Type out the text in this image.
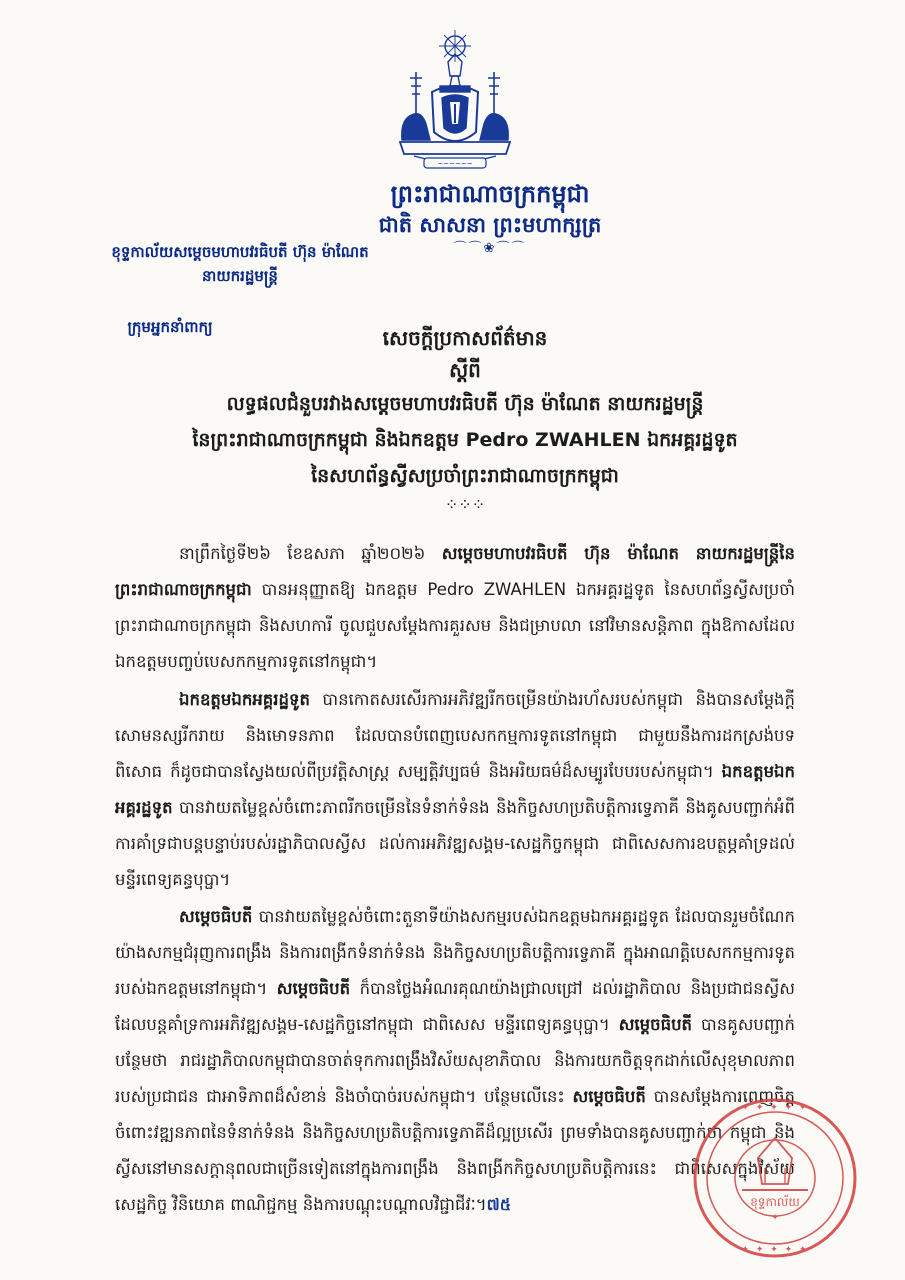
~~~~~~
ព្រះរាជាណាចក្រកម្ពុជា
ជាតិ សាសនា ព្រះមហាក្សត្រ
⌒⌒❀⌒⌒
ខុទ្ទកាល័យសម្ដេចមហាបវរធិបតី ហ៊ុន ម៉ាណែត
នាយករដ្ឋមន្ត្រី
ក្រុមអ្នកនាំពាក្យ	សេចក្ដីប្រកាសព័ត៌មាន
ស្ដីពី
លទ្ធផលជំនួបរវាងសម្ដេចមហាបវរធិបតី ហ៊ុន ម៉ាណែត នាយករដ្ឋមន្ត្រី
នៃព្រះរាជាណាចក្រកម្ពុជា និងឯកឧត្ដម Pedro ZWAHLEN ឯកអគ្គរដ្ឋទូត
នៃសហព័ន្ធស្វីសប្រចាំព្រះរាជាណាចក្រកម្ពុជា
⁘⁘⁘
នាព្រឹកថ្ងៃទី២៦ ខែឧសភា ឆ្នាំ២០២៦ សម្ដេចមហាបវរធិបតី ហ៊ុន ម៉ាណែត នាយករដ្ឋមន្ត្រីនៃព្រះរាជាណាចក្រកម្ពុជា បានអនុញ្ញាតឱ្យ ឯកឧត្ដម Pedro ZWAHLEN ឯកអគ្គរដ្ឋទូត នៃសហព័ន្ធស្វីសប្រចាំព្រះរាជាណាចក្រកម្ពុជា និងសហការី ចូលជួបសម្ដែងការគួរសម និងជម្រាបលា នៅវិមានសន្តិភាព ក្នុងឱកាសដែលឯកឧត្ដមបញ្ចប់បេសកកម្មការទូតនៅកម្ពុជា។
ឯកឧត្ដមឯកអគ្គរដ្ឋទូត បានកោតសរសើរការអភិវឌ្ឍរីកចម្រើនយ៉ាងរហ័សរបស់កម្ពុជា និងបានសម្ដែងក្ដីសោមនស្សរីករាយ និងមោទនភាព ដែលបានបំពេញបេសកកម្មការទូតនៅកម្ពុជា ជាមួយនឹងការដកស្រង់បទពិសោធ ក៏ដូចជាបានស្វែងយល់ពីប្រវត្តិសាស្ត្រ សម្បត្តិវប្បធម៌ និងអរិយធម៌ដ៏សម្បូរបែបរបស់កម្ពុជា។ ឯកឧត្ដមឯកអគ្គរដ្ឋទូត បានវាយតម្លៃខ្ពស់ចំពោះភាពរីកចម្រើននៃទំនាក់ទំនង និងកិច្ចសហប្រតិបត្តិការទ្វេភាគី និងគូសបញ្ជាក់អំពីការគាំទ្រជាបន្តបន្ទាប់របស់រដ្ឋាភិបាលស្វីស ដល់ការអភិវឌ្ឍសង្គម-សេដ្ឋកិច្ចកម្ពុជា ជាពិសេសការឧបត្ថម្ភគាំទ្រដល់មន្ទីរពេទ្យគន្ធបុប្ផា។
សម្ដេចធិបតី បានវាយតម្លៃខ្ពស់ចំពោះតួនាទីយ៉ាងសកម្មរបស់ឯកឧត្ដមឯកអគ្គរដ្ឋទូត ដែលបានរួមចំណែកយ៉ាងសកម្មជំរុញការពង្រឹង និងការពង្រីកទំនាក់ទំនង និងកិច្ចសហប្រតិបត្តិការទ្វេភាគី ក្នុងអាណត្តិបេសកកម្មការទូតរបស់ឯកឧត្ដមនៅកម្ពុជា។ សម្ដេចធិបតី ក៏បានថ្លែងអំណរគុណយ៉ាងជ្រាលជ្រៅ ដល់រដ្ឋាភិបាល និងប្រជាជនស្វីស ដែលបន្តគាំទ្រការអភិវឌ្ឍសង្គម-សេដ្ឋកិច្ចនៅកម្ពុជា ជាពិសេស មន្ទីរពេទ្យគន្ធបុប្ផា។ សម្ដេចធិបតី បានគូសបញ្ជាក់បន្ថែមថា រាជរដ្ឋាភិបាលកម្ពុជាបានចាត់ទុកការពង្រឹងវិស័យសុខាភិបាល និងការយកចិត្តទុកដាក់លើសុខុមាលភាពរបស់ប្រជាជន ជាអាទិភាពដ៏សំខាន់ និងចាំបាច់របស់កម្ពុជា។ បន្ថែមលើនេះ សម្ដេចធិបតី បានសម្ដែងការពេញចិត្តចំពោះវឌ្ឍនភាពនៃទំនាក់ទំនង និងកិច្ចសហប្រតិបត្តិការទ្វេភាគីដ៏ល្អប្រសើរ ព្រមទាំងបានគូសបញ្ជាក់ថា កម្ពុជា និងស្វីសនៅមានសក្ដានុពលជាច្រើនទៀតនៅក្នុងការពង្រឹង និងពង្រីកកិច្ចសហប្រតិបត្តិការនេះ ជាពិសេសក្នុងវិស័យសេដ្ឋកិច្ច វិនិយោគ ពាណិជ្ជកម្ម និងការបណ្ដុះបណ្ដាលវិជ្ជាជីវៈ។៧៥	ខុទ្ទកាល័យ
✦
✦ ✦ ✦ ✦ ✦
✦ ✦ ✦ ✦ ✦
